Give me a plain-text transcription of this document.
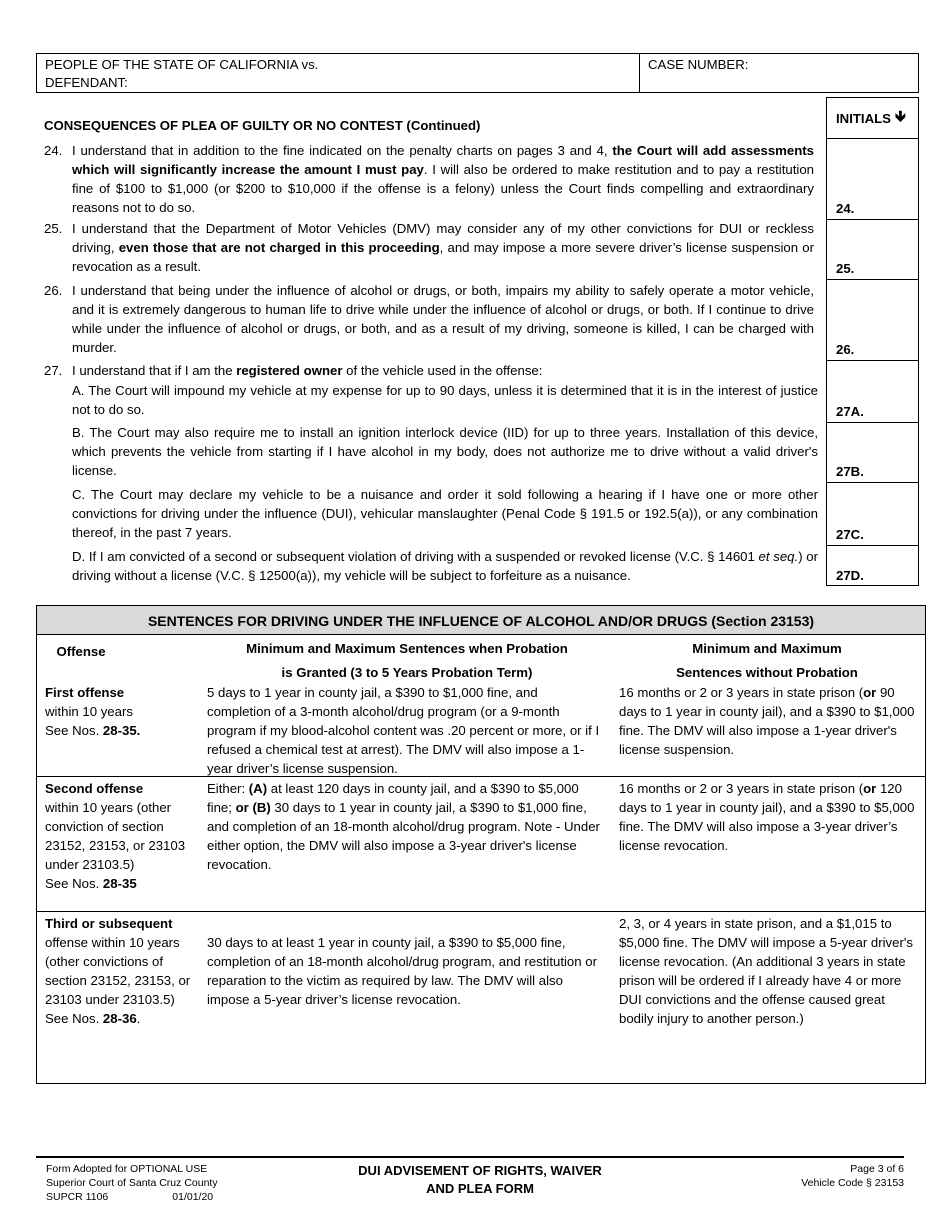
PEOPLE OF THE STATE OF CALIFORNIA vs.
DEFENDANT:
CASE NUMBER:
INITIALS 🡻
24.
25.
26.
27A.
27B.
27C.
27D.
CONSEQUENCES OF PLEA OF GUILTY OR NO CONTEST (Continued)
24. I understand that in addition to the fine indicated on the penalty charts on pages 3 and 4, the Court will add assessments which will significantly increase the amount I must pay. I will also be ordered to make restitution and to pay a restitution fine of $100 to $1,000 (or $200 to $10,000 if the offense is a felony) unless the Court finds compelling and extraordinary reasons not to do so.
25. I understand that the Department of Motor Vehicles (DMV) may consider any of my other convictions for DUI or reckless driving, even those that are not charged in this proceeding, and may impose a more severe driver’s license suspension or revocation as a result.
26. I understand that being under the influence of alcohol or drugs, or both, impairs my ability to safely operate a motor vehicle, and it is extremely dangerous to human life to drive while under the influence of alcohol or drugs, or both. If I continue to drive while under the influence of alcohol or drugs, or both, and as a result of my driving, someone is killed, I can be charged with murder.
27. I understand that if I am the registered owner of the vehicle used in the offense:
A. The Court will impound my vehicle at my expense for up to 90 days, unless it is determined that it is in the interest of justice not to do so.
B. The Court may also require me to install an ignition interlock device (IID) for up to three years. Installation of this device, which prevents the vehicle from starting if I have alcohol in my body, does not authorize me to drive without a valid driver's license.
C. The Court may declare my vehicle to be a nuisance and order it sold following a hearing if I have one or more other convictions for driving under the influence (DUI), vehicular manslaughter (Penal Code § 191.5 or 192.5(a)), or any combination thereof, in the past 7 years.
D. If I am convicted of a second or subsequent violation of driving with a suspended or revoked license (V.C. § 14601 et seq.) or driving without a license (V.C. § 12500(a)), my vehicle will be subject to forfeiture as a nuisance.
SENTENCES FOR DRIVING UNDER THE INFLUENCE OF ALCOHOL AND/OR DRUGS (Section 23153)
Offense	Minimum and Maximum Sentences when Probation
is Granted (3 to 5 Years Probation Term)
Minimum and Maximum
Sentences without Probation
First offense
within 10 years
See Nos. 28-35.
5 days to 1 year in county jail, a $390 to $1,000 fine, and completion of a 3-month alcohol/drug program (or a 9-month program if my blood-alcohol content was .20 percent or more, or if I refused a chemical test at arrest). The DMV will also impose a 1-year driver’s license suspension.
16 months or 2 or 3 years in state prison (or 90 days to 1 year in county jail), and a $390 to $1,000 fine. The DMV will also impose a 1-year driver's license suspension.
Second offense
within 10 years (other conviction of section 23152, 23153, or 23103 under 23103.5)
See Nos. 28-35
Either: (A) at least 120 days in county jail, and a $390 to $5,000 fine; or (B) 30 days to 1 year in county jail, a $390 to $1,000 fine, and completion of an 18-month alcohol/drug program. Note - Under either option, the DMV will also impose a 3-year driver's license revocation.
16 months or 2 or 3 years in state prison (or 120 days to 1 year in county jail), and a $390 to $5,000 fine. The DMV will also impose a 3-year driver’s license revocation.
Third or subsequent
offense within 10 years (other convictions of section 23152, 23153, or 23103 under 23103.5)
See Nos. 28-36.
30 days to at least 1 year in county jail, a $390 to $5,000 fine, completion of an 18-month alcohol/drug program, and restitution or reparation to the victim as required by law. The DMV will also impose a 5-year driver’s license revocation.
2, 3, or 4 years in state prison, and a $1,015 to $5,000 fine. The DMV will impose a 5-year driver's license revocation. (An additional 3 years in state prison will be ordered if I already have 4 or more DUI convictions and the offense caused great bodily injury to another person.)
Form Adopted for OPTIONAL USE
Superior Court of Santa Cruz County
SUPCR 1106	01/01/20
DUI ADVISEMENT OF RIGHTS, WAIVER
AND PLEA FORM
Page 3 of 6
Vehicle Code § 23153
